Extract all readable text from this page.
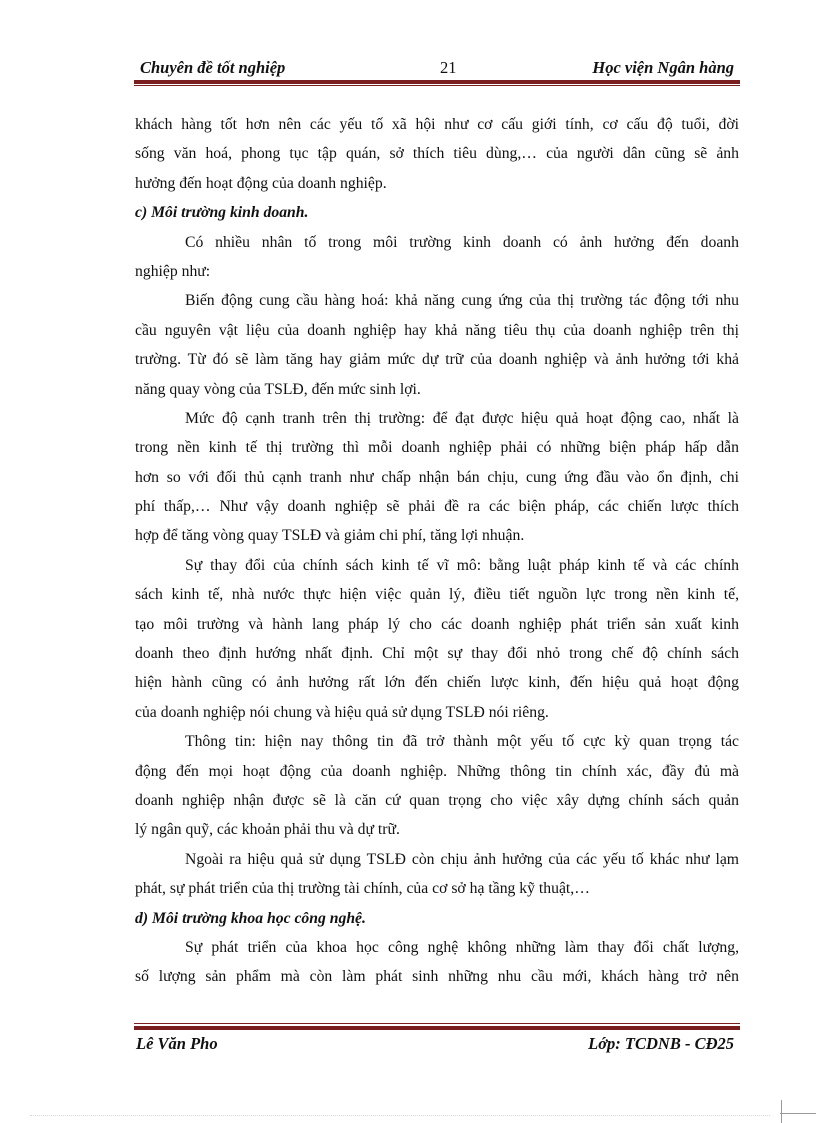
Chuyên đề tốt nghiệp	21	Học viện Ngân hàng
khách hàng tốt hơn nên các yếu tố xã hội như cơ cấu giới tính, cơ cấu độ tuổi, đời
sống văn hoá, phong tục tập quán, sở thích tiêu dùng,… của người dân cũng sẽ ảnh
hưởng đến hoạt động của doanh nghiệp.
c) Môi trường kinh doanh.
Có nhiều nhân tố trong môi trường kinh doanh có ảnh hưởng đến doanh
nghiệp như:
Biến động cung cầu hàng hoá: khả năng cung ứng của thị trường tác động tới nhu
cầu nguyên vật liệu của doanh nghiệp hay khả năng tiêu thụ của doanh nghiệp trên thị
trường. Từ đó sẽ làm tăng hay giảm mức dự trữ của doanh nghiệp và ảnh hưởng tới khả
năng quay vòng của TSLĐ, đến mức sinh lợi.
Mức độ cạnh tranh trên thị trường: để đạt được hiệu quả hoạt động cao, nhất là
trong nền kinh tế thị trường thì mỗi doanh nghiệp phải có những biện pháp hấp dẫn
hơn so với đối thủ cạnh tranh như chấp nhận bán chịu, cung ứng đầu vào ổn định, chi
phí thấp,… Như vậy doanh nghiệp sẽ phải đề ra các biện pháp, các chiến lược thích
hợp để tăng vòng quay TSLĐ và giảm chi phí, tăng lợi nhuận.
Sự thay đổi của chính sách kinh tế vĩ mô: bằng luật pháp kinh tế và các chính
sách kinh tế, nhà nước thực hiện việc quản lý, điều tiết nguồn lực trong nền kinh tế,
tạo môi trường và hành lang pháp lý cho các doanh nghiệp phát triển sản xuất kinh
doanh theo định hướng nhất định. Chỉ một sự thay đổi nhỏ trong chế độ chính sách
hiện hành cũng có ảnh hưởng rất lớn đến chiến lược kinh, đến hiệu quả hoạt động
của doanh nghiệp nói chung và hiệu quả sử dụng TSLĐ nói riêng.
Thông tin: hiện nay thông tin đã trở thành một yếu tố cực kỳ quan trọng tác
động đến mọi hoạt động của doanh nghiệp. Những thông tin chính xác, đầy đủ mà
doanh nghiệp nhận được sẽ là căn cứ quan trọng cho việc xây dựng chính sách quản
lý ngân quỹ, các khoản phải thu và dự trữ.
Ngoài ra hiệu quả sử dụng TSLĐ còn chịu ảnh hưởng của các yếu tố khác như lạm
phát, sự phát triển của thị trường tài chính, của cơ sở hạ tầng kỹ thuật,…
d) Môi trường khoa học công nghệ.
Sự phát triển của khoa học công nghệ không những làm thay đổi chất lượng,
số lượng sản phẩm mà còn làm phát sinh những nhu cầu mới, khách hàng trở nên
Lê Văn Pho	Lớp: TCDNB - CĐ25
